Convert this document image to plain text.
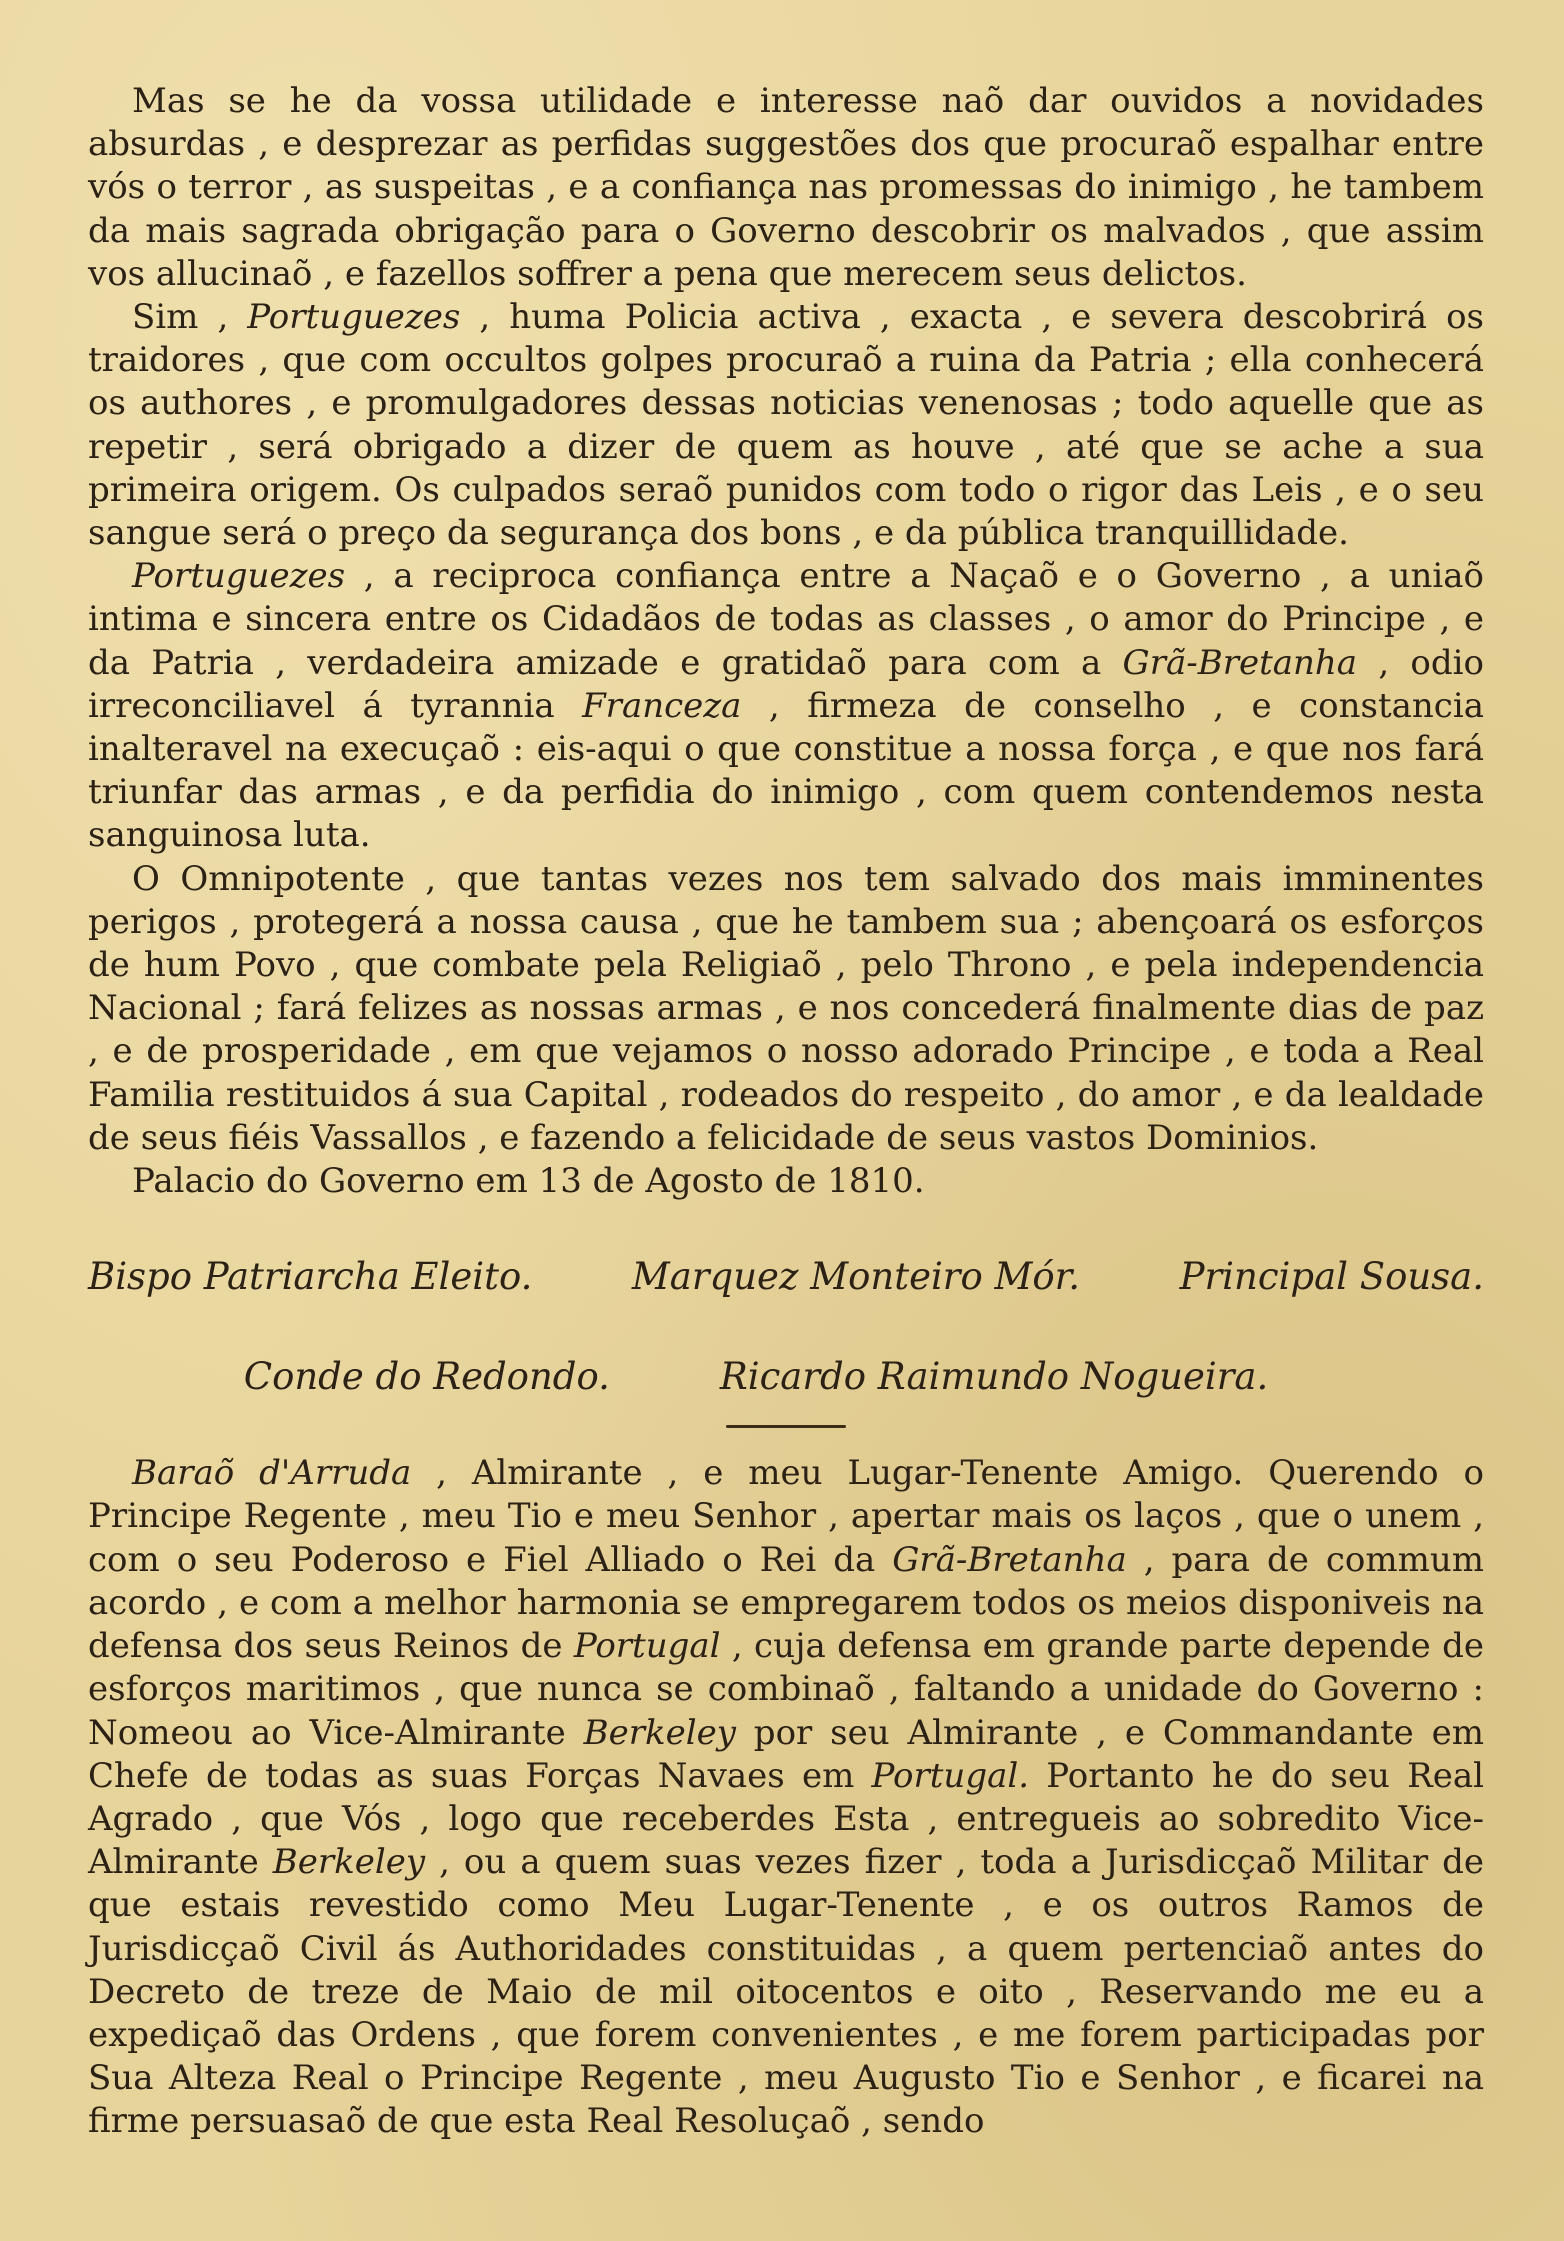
Mas se he da vossa utilidade e interesse naõ dar ouvidos a novidades absurdas , e desprezar as perfidas suggestões dos que procuraõ espalhar entre vós o terror , as suspeitas , e a confiança nas promessas do inimigo , he tambem da mais sagrada obrigação para o Governo descobrir os malvados , que assim vos allucinaõ , e fazellos soffrer a pena que merecem seus delictos.

Sim , Portuguezes , huma Policia activa , exacta , e severa descobrirá os traidores , que com occultos golpes procuraõ a ruina da Patria ; ella conhecerá os authores , e promulgadores dessas noticias venenosas ; todo aquelle que as repetir , será obrigado a dizer de quem as houve , até que se ache a sua primeira origem. Os culpados seraõ punidos com todo o rigor das Leis , e o seu sangue será o preço da segurança dos bons , e da pública tranquillidade.

Portuguezes , a reciproca confiança entre a Naçaõ e o Governo , a uniaõ intima e sincera entre os Cidadãos de todas as classes , o amor do Principe , e da Patria , verdadeira amizade e gratidaõ para com a Grã-Bretanha , odio irreconciliavel á tyrannia Franceza , firmeza de conselho , e constancia inalteravel na execuçaõ : eis-aqui o que constitue a nossa força , e que nos fará triunfar das armas , e da perfidia do inimigo , com quem contendemos nesta sanguinosa luta.

O Omnipotente , que tantas vezes nos tem salvado dos mais imminentes perigos , protegerá a nossa causa , que he tambem sua ; abençoará os esforços de hum Povo , que combate pela Religiaõ , pelo Throno , e pela independencia Nacional ; fará felizes as nossas armas , e nos concederá finalmente dias de paz , e de prosperidade , em que vejamos o nosso adorado Principe , e toda a Real Familia restituidos á sua Capital , rodeados do respeito , do amor , e da lealdade de seus fiéis Vassallos , e fazendo a felicidade de seus vastos Dominios.

Palacio do Governo em 13 de Agosto de 1810.

Bispo Patriarcha Eleito.	Marquez Monteiro Mór.	Principal Sousa.
Conde do Redondo.	Ricardo Raimundo Nogueira.

Baraõ d'Arruda , Almirante , e meu Lugar-Tenente Amigo. Querendo o Principe Regente , meu Tio e meu Senhor , apertar mais os laços , que o unem , com o seu Poderoso e Fiel Alliado o Rei da Grã-Bretanha , para de commum acordo , e com a melhor harmonia se empregarem todos os meios disponiveis na defensa dos seus Reinos de Portugal , cuja defensa em grande parte depende de esforços maritimos , que nunca se combinaõ , faltando a unidade do Governo : Nomeou ao Vice-Almirante Berkeley por seu Almirante , e Commandante em Chefe de todas as suas Forças Navaes em Portugal. Portanto he do seu Real Agrado , que Vós , logo que receberdes Esta , entregueis ao sobredito Vice-Almirante Berkeley , ou a quem suas vezes fizer , toda a Jurisdicçaõ Militar de que estais revestido como Meu Lugar-Tenente , e os outros Ramos de Jurisdicçaõ Civil ás Authoridades constituidas , a quem pertenciaõ antes do Decreto de treze de Maio de mil oitocentos e oito , Reservando me eu a expediçaõ das Ordens , que forem convenientes , e me forem participadas por Sua Alteza Real o Principe Regente , meu Augusto Tio e Senhor , e ficarei na firme persuasaõ de que esta Real Resoluçaõ , sendo
